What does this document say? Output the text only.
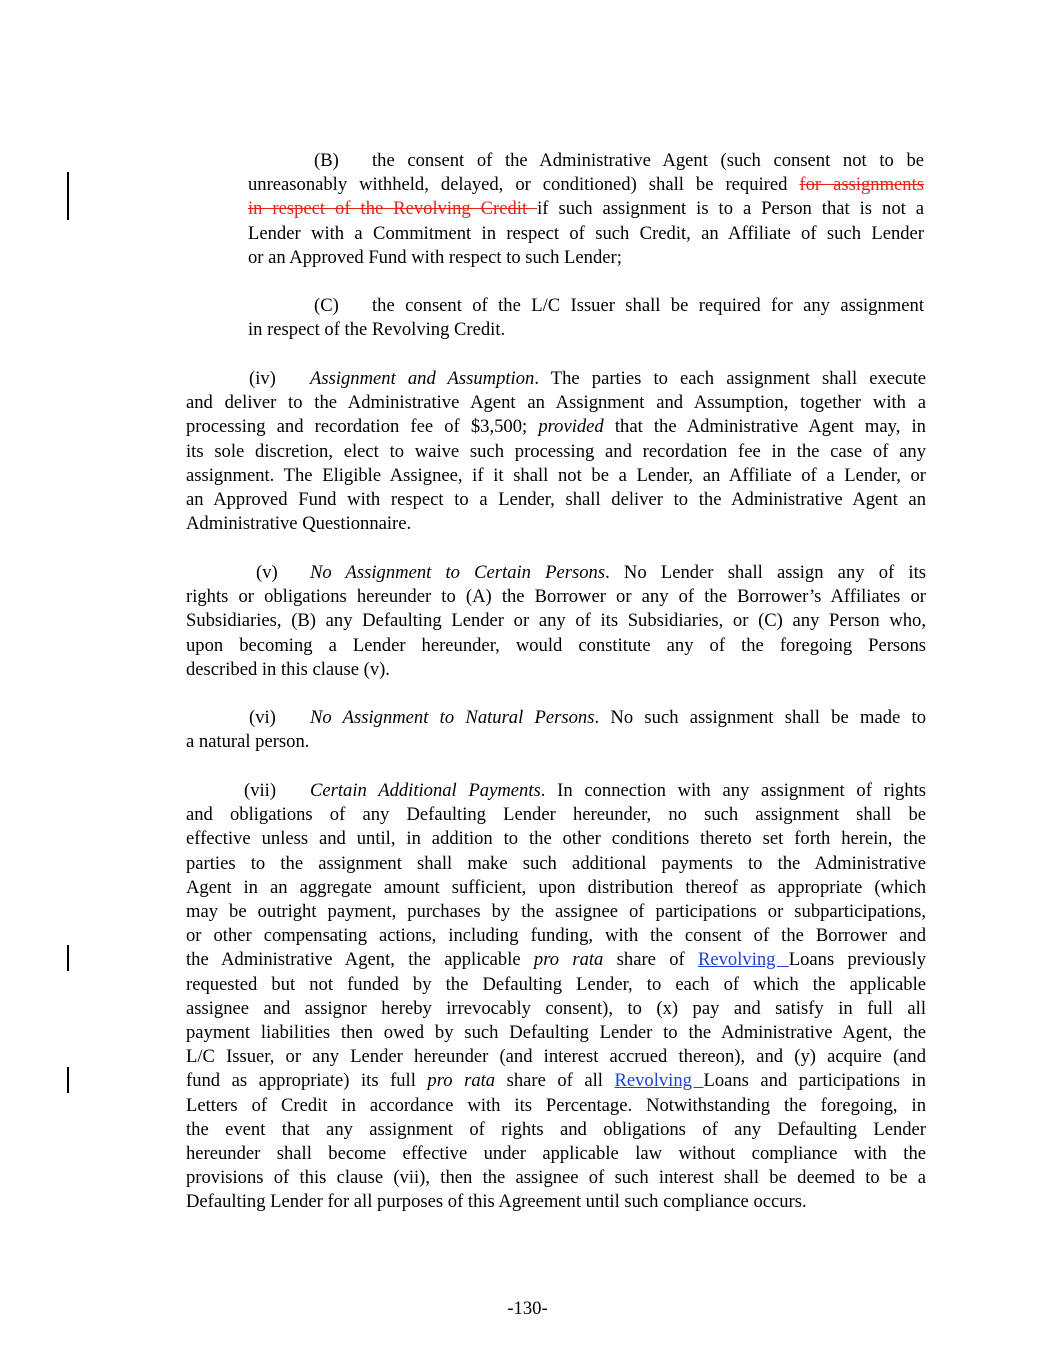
(B) the consent of the Administrative Agent (such consent not to be
unreasonably withheld, delayed, or conditioned) shall be required for assignments
in respect of the Revolving Credit if such assignment is to a Person that is not a
Lender with a Commitment in respect of such Credit, an Affiliate of such Lender
or an Approved Fund with respect to such Lender;
(C) the consent of the L/C Issuer shall be required for any assignment
in respect of the Revolving Credit.
(iv) Assignment and Assumption. The parties to each assignment shall execute
and deliver to the Administrative Agent an Assignment and Assumption, together with a
processing and recordation fee of $3,500; provided that the Administrative Agent may, in
its sole discretion, elect to waive such processing and recordation fee in the case of any
assignment. The Eligible Assignee, if it shall not be a Lender, an Affiliate of a Lender, or
an Approved Fund with respect to a Lender, shall deliver to the Administrative Agent an
Administrative Questionnaire.
(v) No Assignment to Certain Persons. No Lender shall assign any of its
rights or obligations hereunder to (A) the Borrower or any of the Borrower’s Affiliates or
Subsidiaries, (B) any Defaulting Lender or any of its Subsidiaries, or (C) any Person who,
upon becoming a Lender hereunder, would constitute any of the foregoing Persons
described in this clause (v).
(vi) No Assignment to Natural Persons. No such assignment shall be made to
a natural person.
(vii) Certain Additional Payments. In connection with any assignment of rights
and obligations of any Defaulting Lender hereunder, no such assignment shall be
effective unless and until, in addition to the other conditions thereto set forth herein, the
parties to the assignment shall make such additional payments to the Administrative
Agent in an aggregate amount sufficient, upon distribution thereof as appropriate (which
may be outright payment, purchases by the assignee of participations or subparticipations,
or other compensating actions, including funding, with the consent of the Borrower and
the Administrative Agent, the applicable pro rata share of Revolving Loans previously
requested but not funded by the Defaulting Lender, to each of which the applicable
assignee and assignor hereby irrevocably consent), to (x) pay and satisfy in full all
payment liabilities then owed by such Defaulting Lender to the Administrative Agent, the
L/C Issuer, or any Lender hereunder (and interest accrued thereon), and (y) acquire (and
fund as appropriate) its full pro rata share of all Revolving Loans and participations in
Letters of Credit in accordance with its Percentage. Notwithstanding the foregoing, in
the event that any assignment of rights and obligations of any Defaulting Lender
hereunder shall become effective under applicable law without compliance with the
provisions of this clause (vii), then the assignee of such interest shall be deemed to be a
Defaulting Lender for all purposes of this Agreement until such compliance occurs.
-130-
